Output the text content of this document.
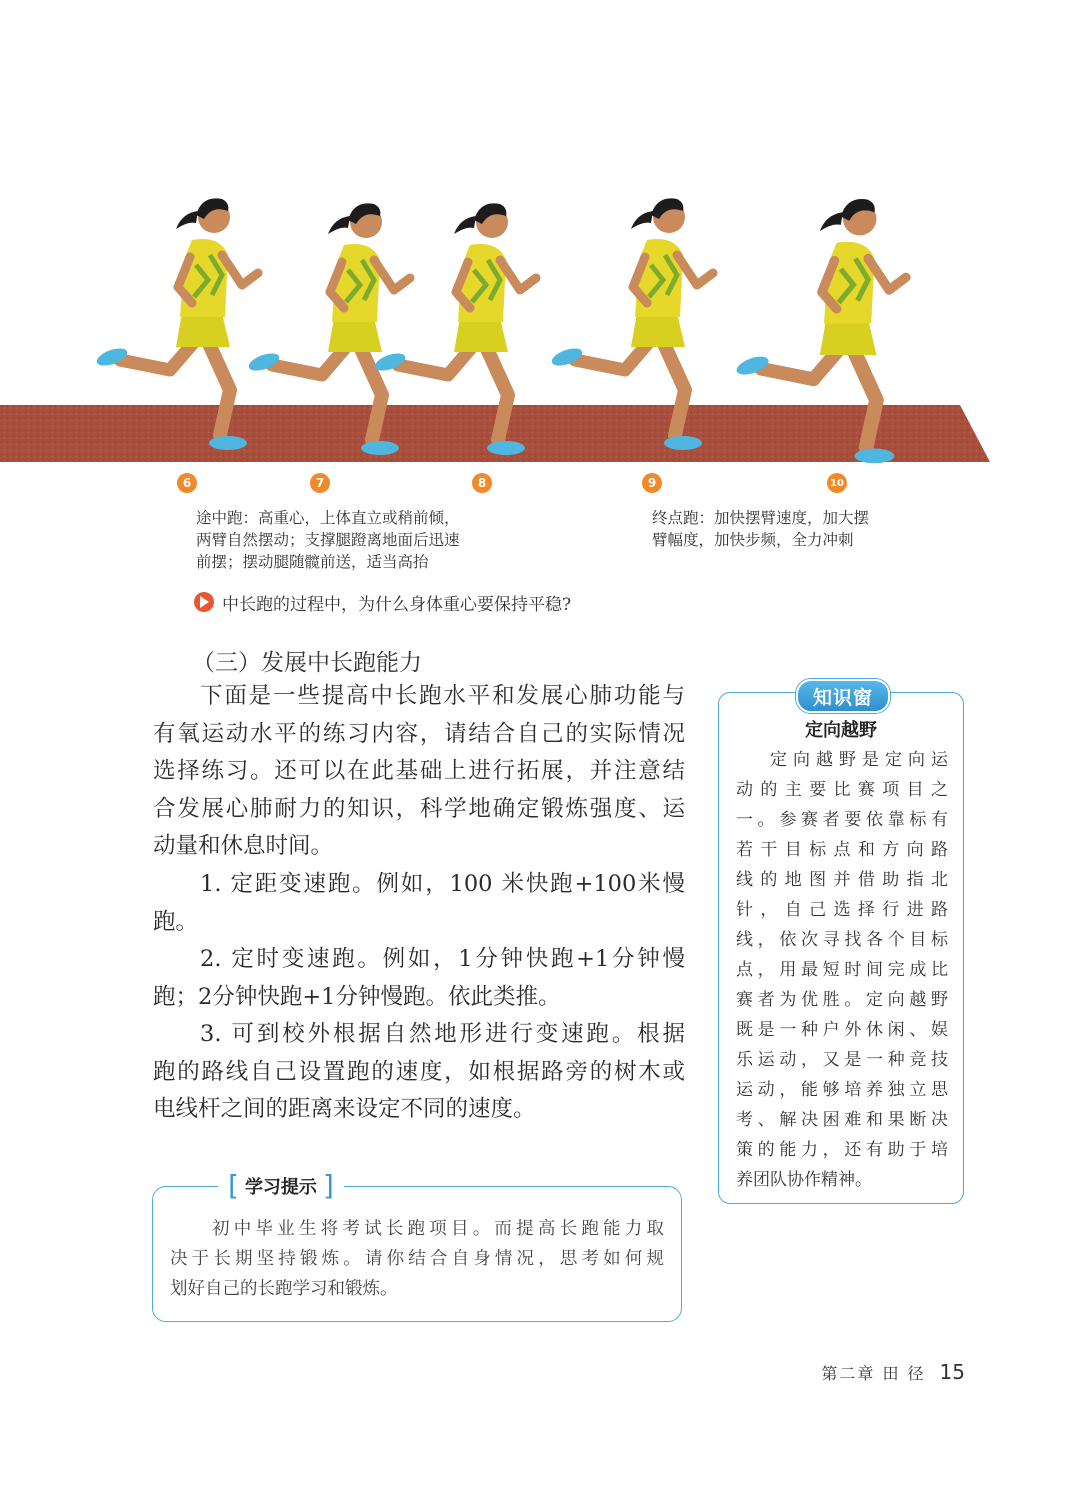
6	7	8	9	10
途中跑：高重心，上体直立或稍前倾，
两臂自然摆动；支撑腿蹬离地面后迅速
前摆；摆动腿随髋前送，适当高抬
终点跑：加快摆臂速度，加大摆
臂幅度，加快步频，全力冲刺
中长跑的过程中，为什么身体重心要保持平稳?
（三）发展中长跑能力
下面是一些提高中长跑水平和发展心肺功能与
有氧运动水平的练习内容，请结合自己的实际情况
选择练习。还可以在此基础上进行拓展，并注意结
合发展心肺耐力的知识，科学地确定锻炼强度、运
动量和休息时间。
1. 定距变速跑。例如，100 米快跑+100米慢
跑。
2. 定时变速跑。例如，1分钟快跑+1分钟慢
跑；2分钟快跑+1分钟慢跑。依此类推。
3. 可到校外根据自然地形进行变速跑。根据
跑的路线自己设置跑的速度，如根据路旁的树木或
电线杆之间的距离来设定不同的速度。
知识窗
定向越野
定向越野是定向运
动的主要比赛项目之
一。参赛者要依靠标有
若干目标点和方向路
线的地图并借助指北
针，自己选择行进路
线，依次寻找各个目标
点，用最短时间完成比
赛者为优胜。定向越野
既是一种户外休闲、娱
乐运动，又是一种竞技
运动，能够培养独立思
考、解决困难和果断决
策的能力，还有助于培
养团队协作精神。
[ 学习提示 ]
初中毕业生将考试长跑项目。而提高长跑能力取
决于长期坚持锻炼。请你结合自身情况，思考如何规
划好自己的长跑学习和锻炼。
第二章 田 径 15
